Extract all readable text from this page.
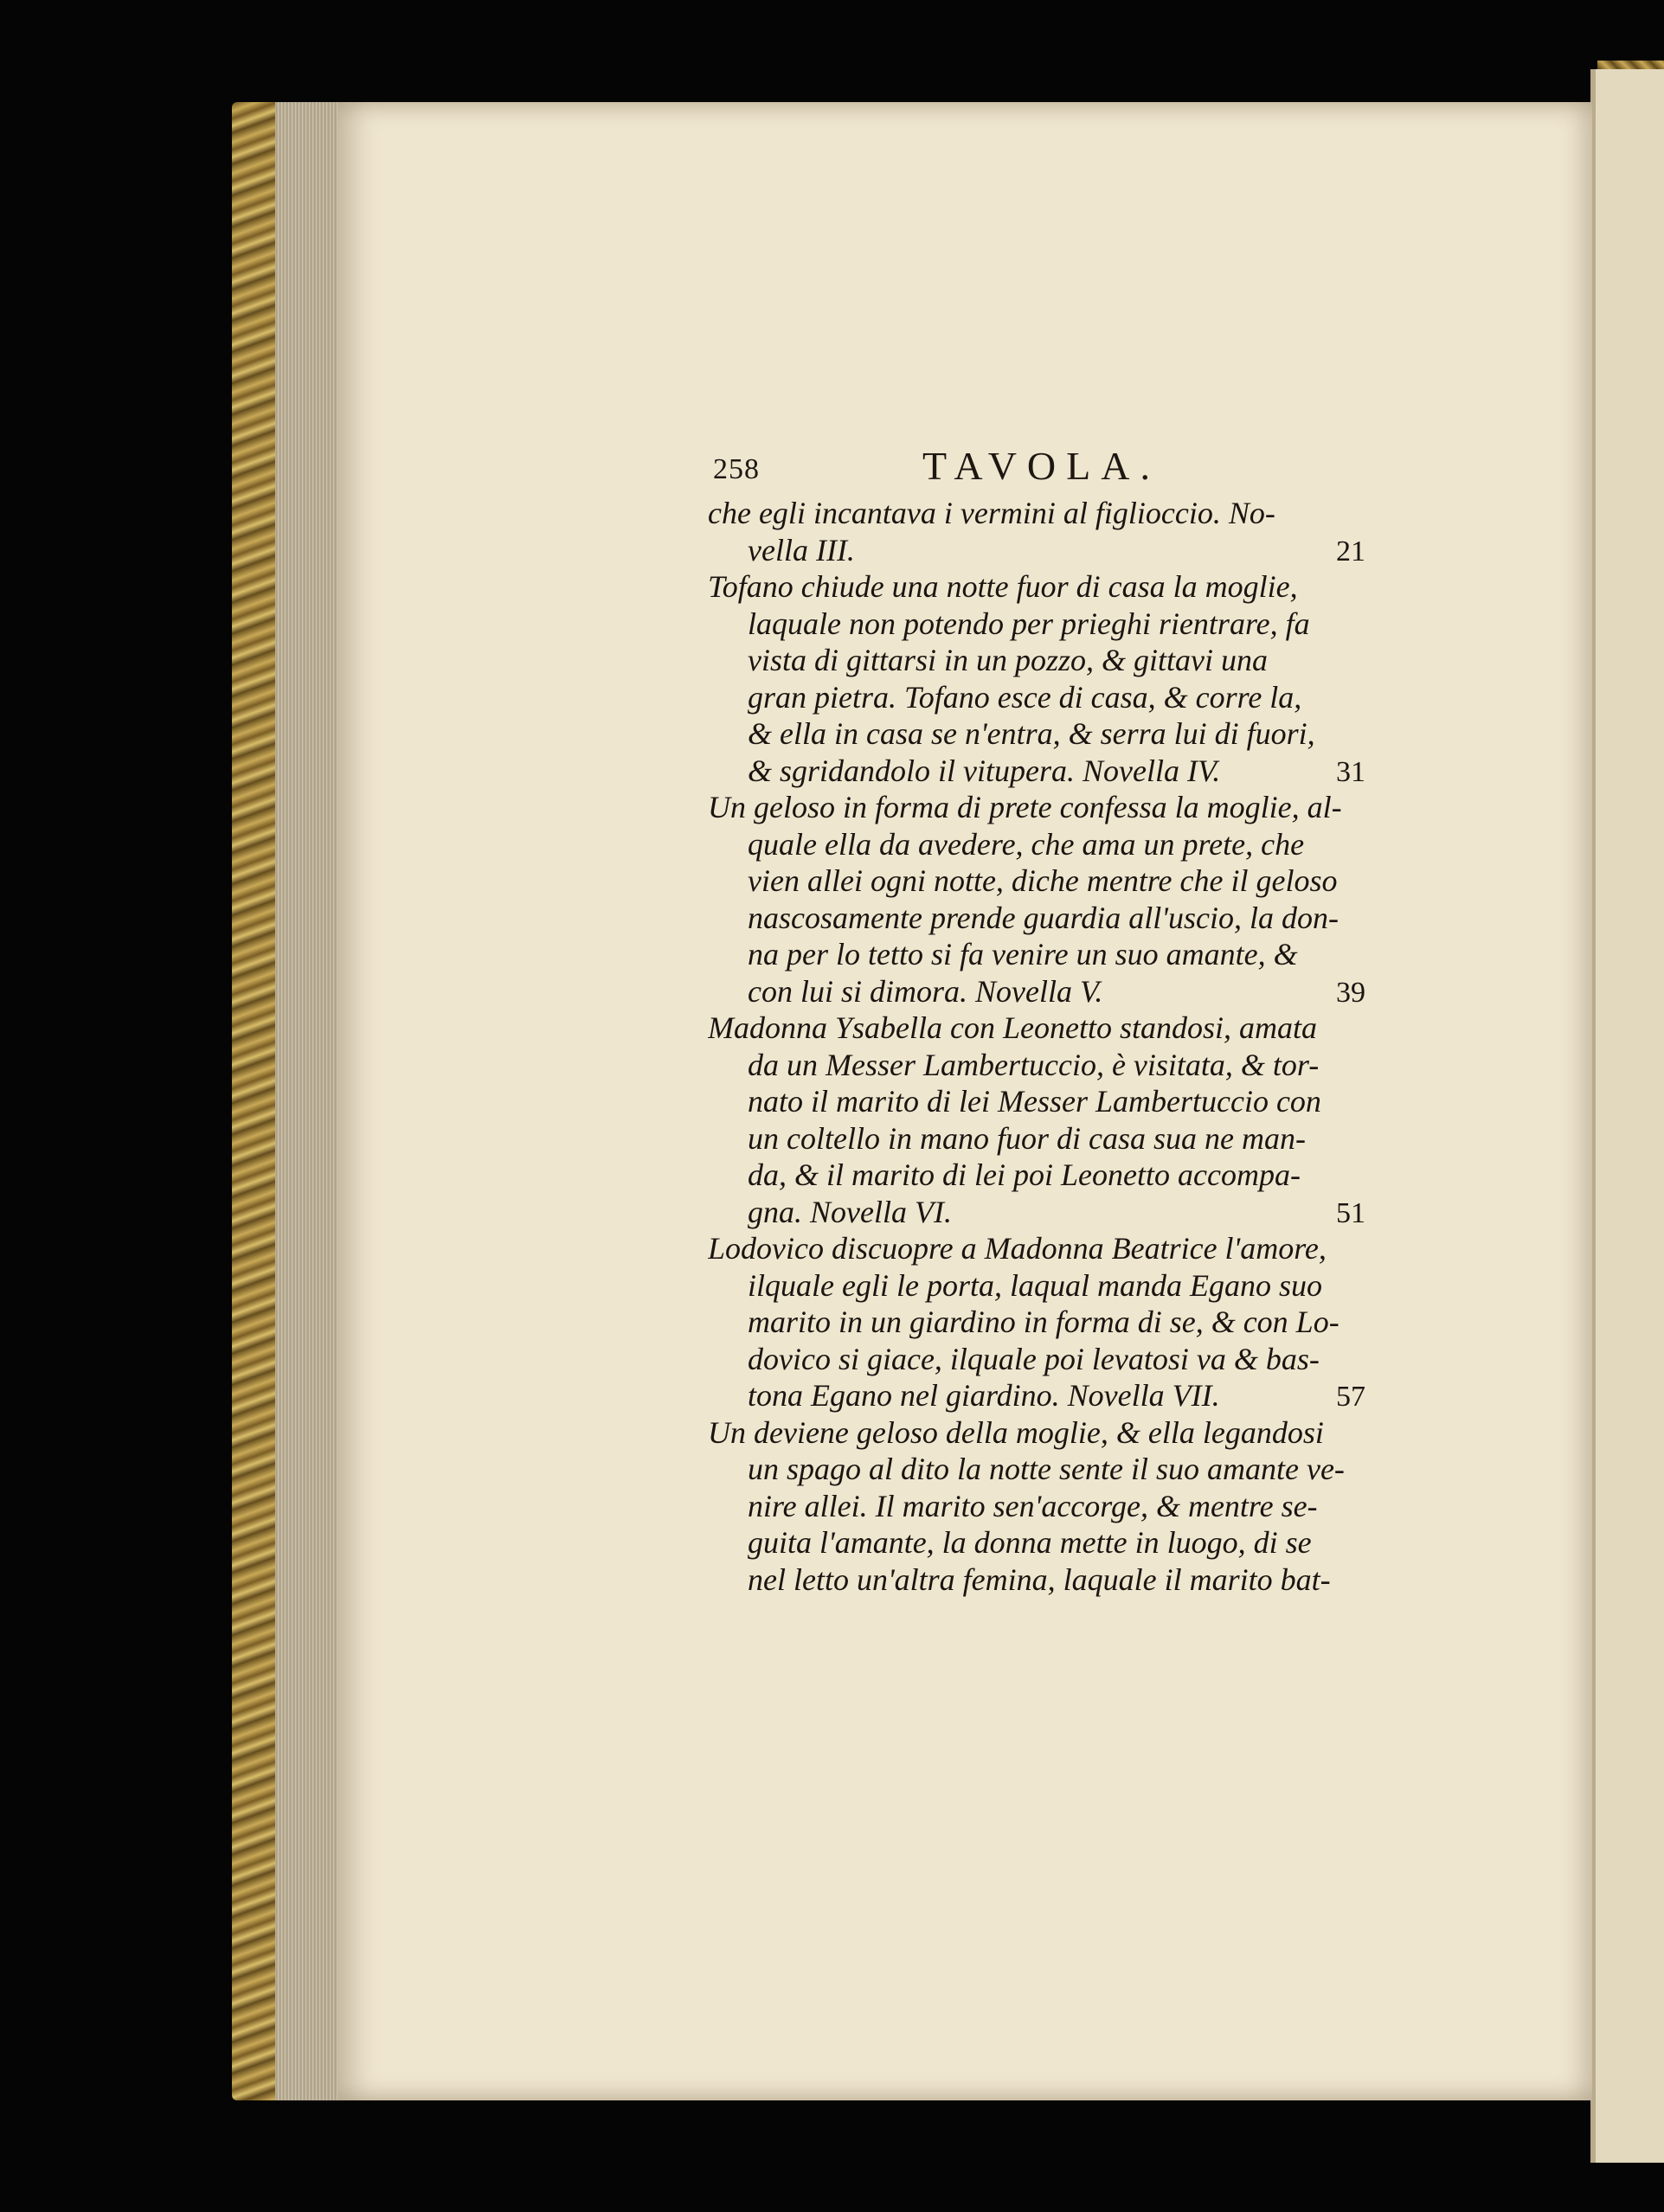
258	TAVOLA.
che egli incantava i vermini al figlioccio. No-
vella III.	21
Tofano chiude una notte fuor di casa la moglie,
laquale non potendo per prieghi rientrare, fa
vista di gittarsi in un pozzo, & gittavi una
gran pietra. Tofano esce di casa, & corre la,
& ella in casa se n'entra, & serra lui di fuori,
& sgridandolo il vitupera. Novella IV.	31
Un geloso in forma di prete confessa la moglie, al-
quale ella da avedere, che ama un prete, che
vien allei ogni notte, diche mentre che il geloso
nascosamente prende guardia all'uscio, la don-
na per lo tetto si fa venire un suo amante, &
con lui si dimora. Novella V.	39
Madonna Ysabella con Leonetto standosi, amata
da un Messer Lambertuccio, è visitata, & tor-
nato il marito di lei Messer Lambertuccio con
un coltello in mano fuor di casa sua ne man-
da, & il marito di lei poi Leonetto accompa-
gna. Novella VI.	51
Lodovico discuopre a Madonna Beatrice l'amore,
ilquale egli le porta, laqual manda Egano suo
marito in un giardino in forma di se, & con Lo-
dovico si giace, ilquale poi levatosi va & bas-
tona Egano nel giardino. Novella VII.	57
Un deviene geloso della moglie, & ella legandosi
un spago al dito la notte sente il suo amante ve-
nire allei. Il marito sen'accorge, & mentre se-
guita l'amante, la donna mette in luogo, di se
nel letto un'altra femina, laquale il marito bat-
